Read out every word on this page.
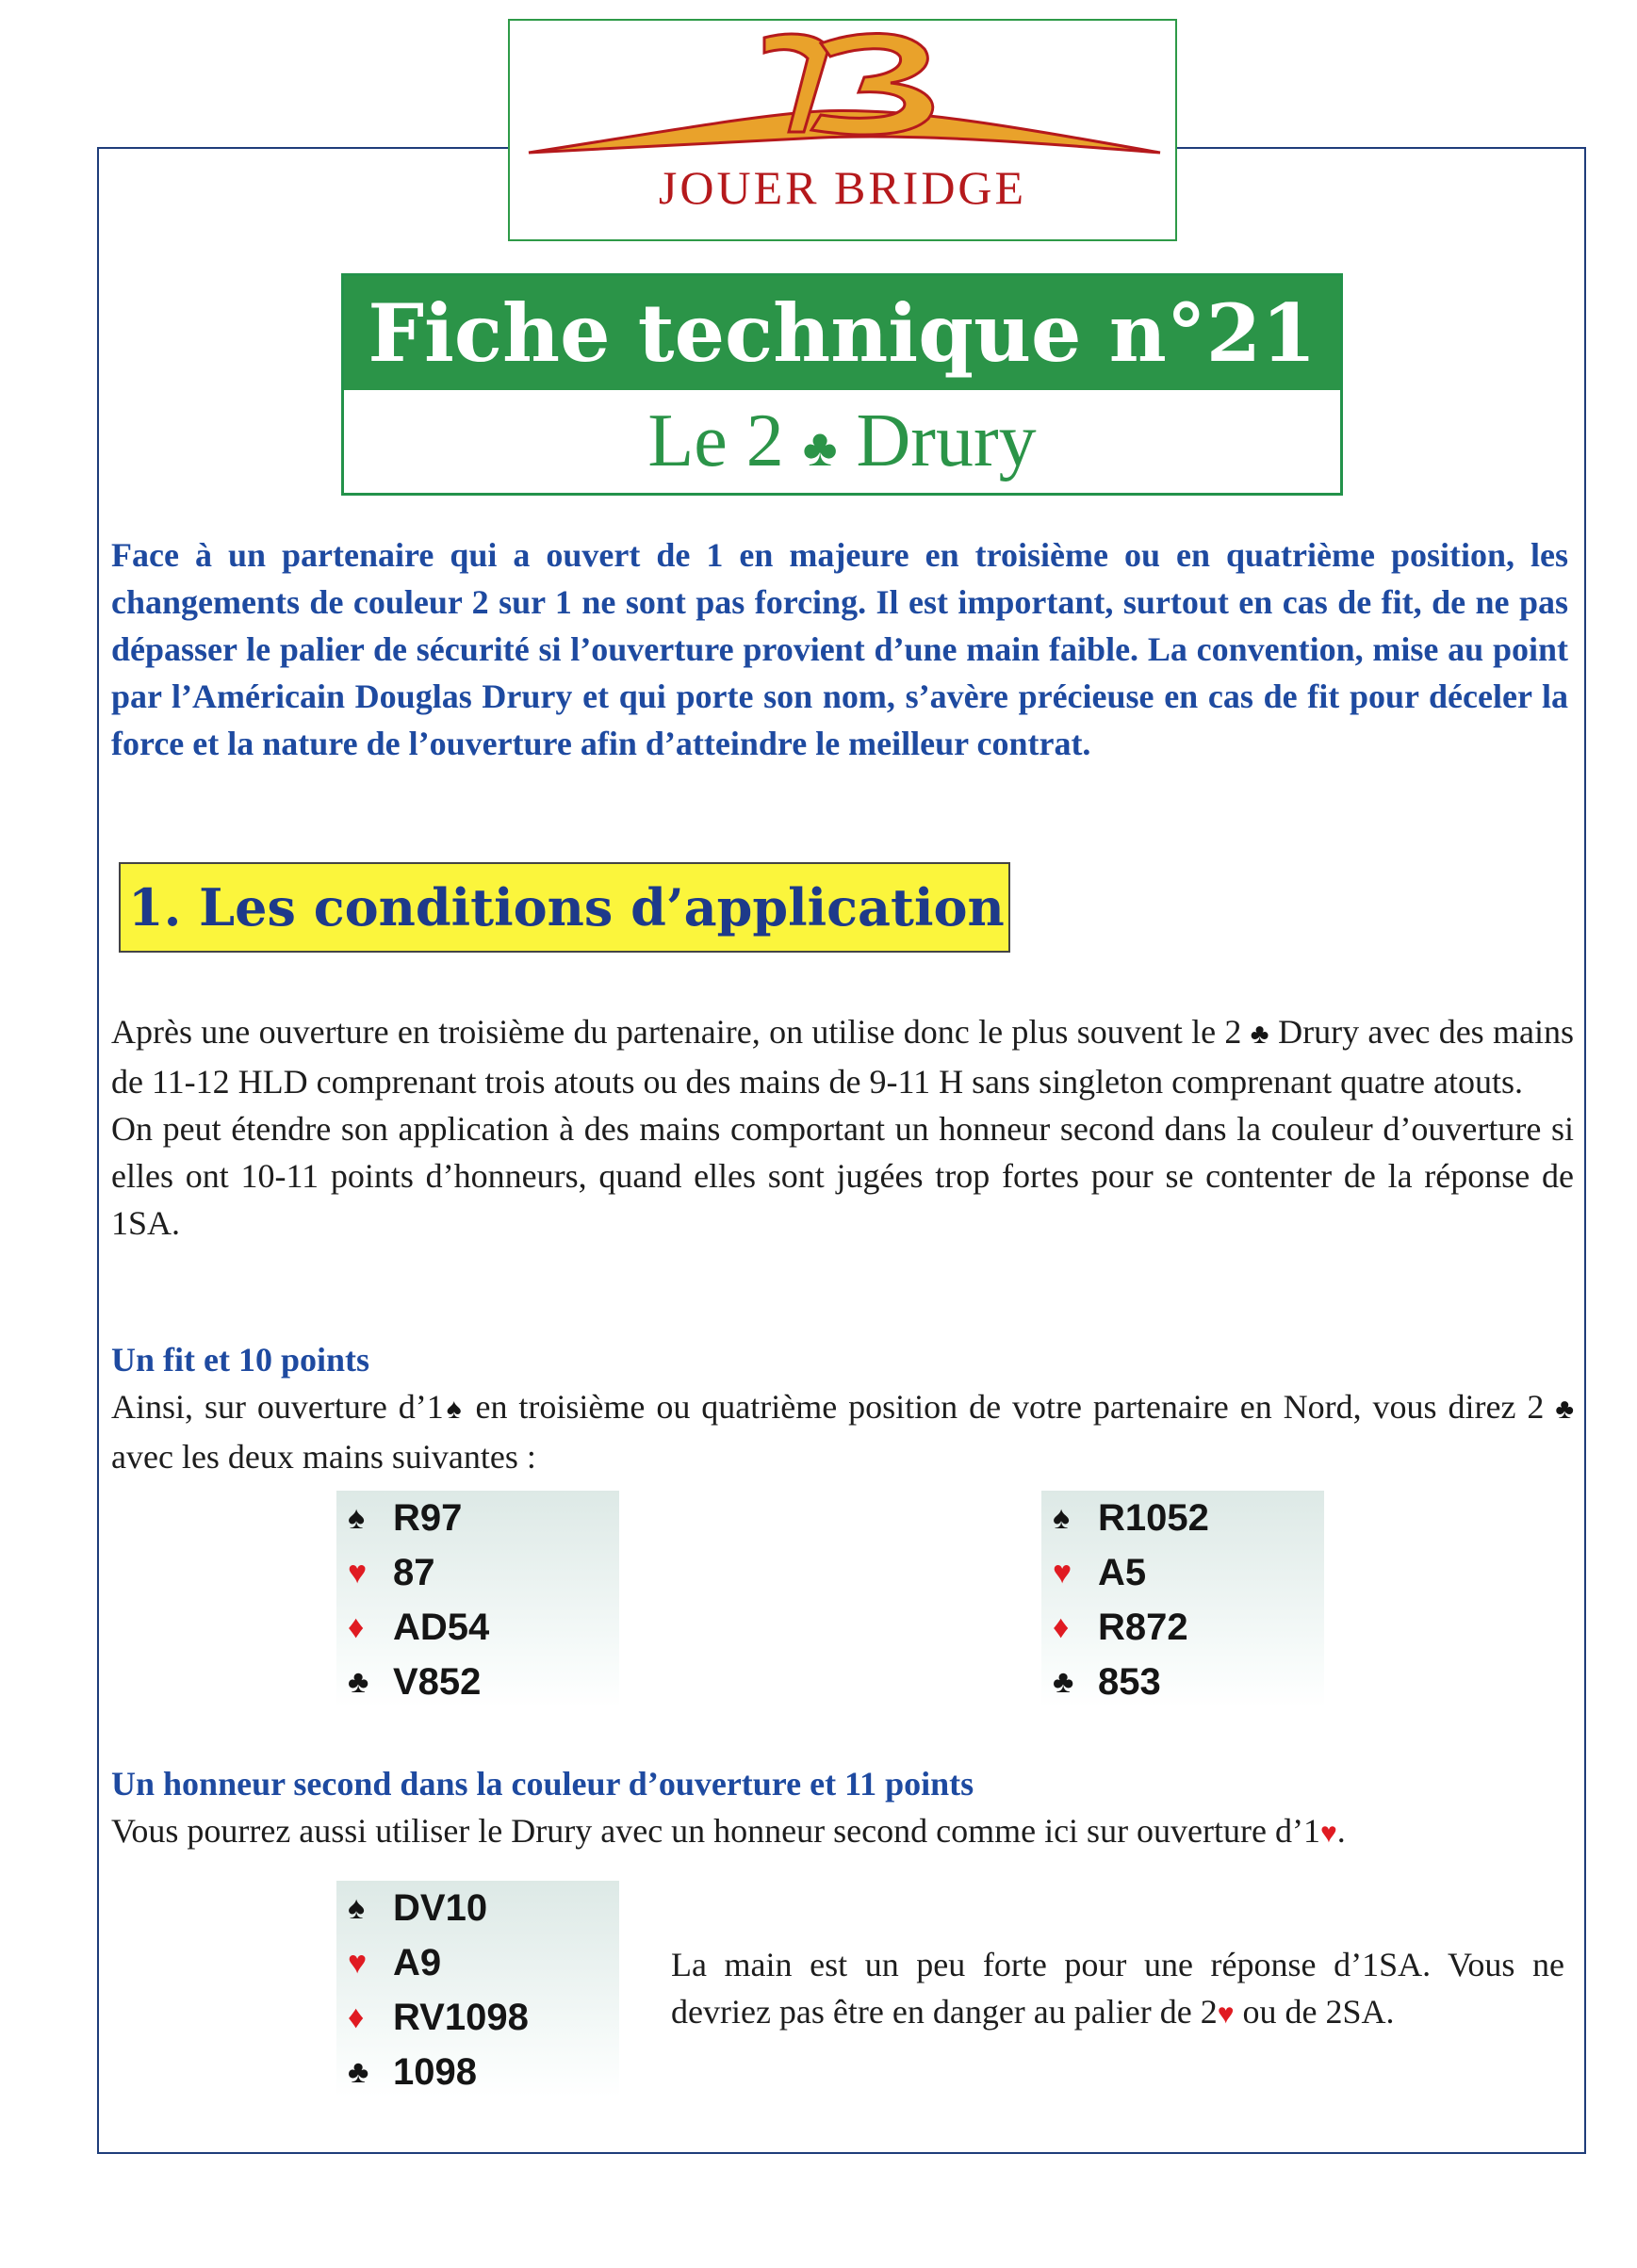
JOUER BRIDGE
Fiche technique n°21
Le 2 ♣ Drury
Face à un partenaire qui a ouvert de 1 en majeure en troisième ou en quatrième position, les changements de couleur 2 sur 1 ne sont pas forcing. Il est important, surtout en cas de fit, de ne pas dépasser le palier de sécurité si l’ouverture provient d’une main faible. La convention, mise au point par l’Américain Douglas Drury et qui porte son nom, s’avère précieuse en cas de fit pour déceler la force et la nature de l’ouverture afin d’atteindre le meilleur contrat.
1. Les conditions d’application

Après une ouverture en troisième du partenaire, on utilise donc le plus souvent le 2 ♣ Drury avec des mains de 11-12 HLD comprenant trois atouts ou des mains de 9-11 H sans singleton comprenant quatre atouts.

On peut étendre son application à des mains comportant un honneur second dans la couleur d’ouverture si elles ont 10-11 points d’honneurs, quand elles sont jugées trop fortes pour se contenter de la réponse de 1SA.

Un fit et 10 points

Ainsi, sur ouverture d’1♠ en troisième ou quatrième position de votre partenaire en Nord, vous direz 2 ♣ avec les deux mains suivantes :

♠ R97
♥ 87
♦ AD54
♣ V852
♠ R1052
♥ A5
♦ R872
♣ 853
Un honneur second dans la couleur d’ouverture et 11 points

Vous pourrez aussi utiliser le Drury avec un honneur second comme ici sur ouverture d’1♥.

♠ DV10
♥ A9
♦ RV1098
♣ 1098
La main est un peu forte pour une réponse d’1SA. Vous ne devriez pas être en danger au palier de 2♥ ou de 2SA.
